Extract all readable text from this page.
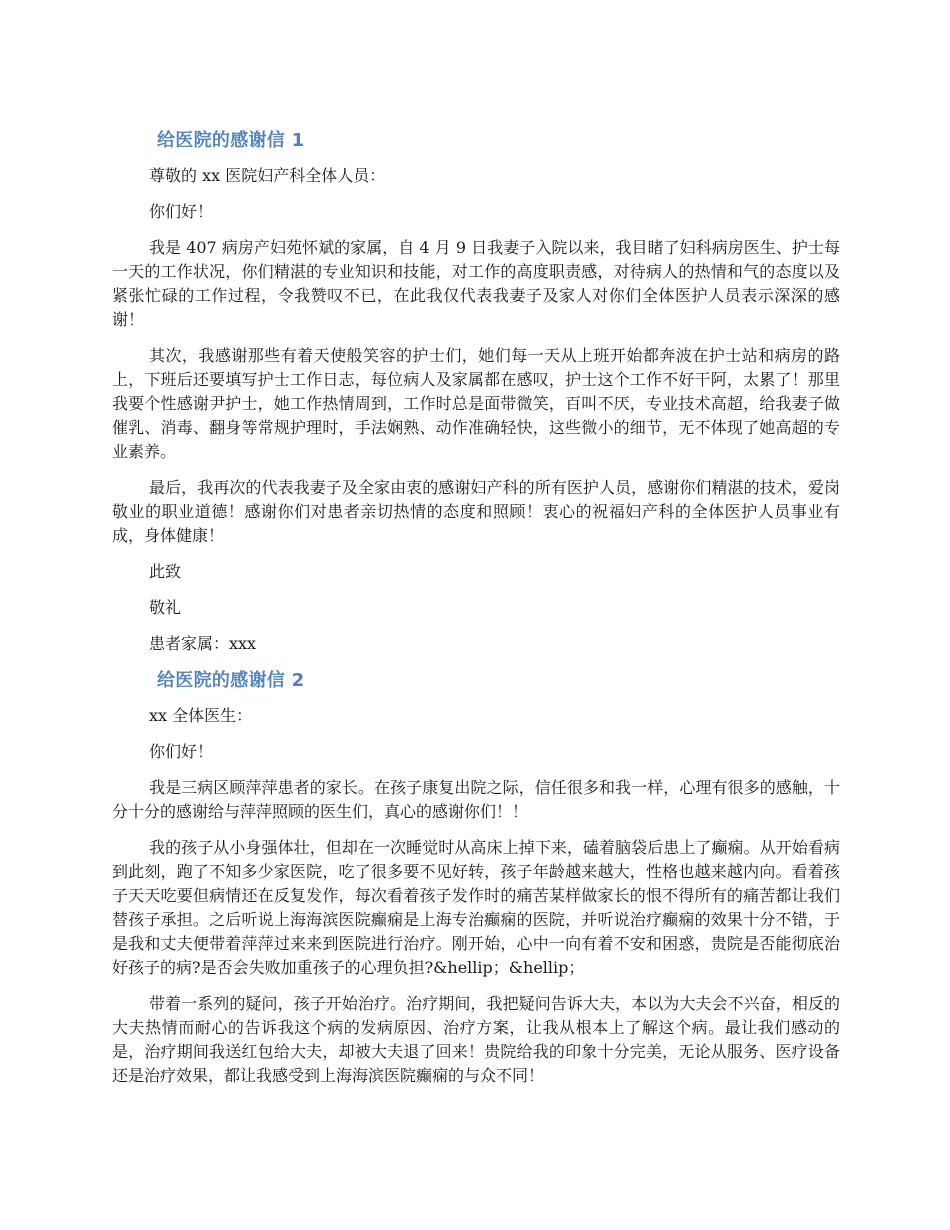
给医院的感谢信 1
尊敬的 xx 医院妇产科全体人员：
你们好！
我是 407 病房产妇苑怀斌的家属，自 4 月 9 日我妻子入院以来，我目睹了妇科病房医生、护士每一天的工作状况，你们精湛的专业知识和技能，对工作的高度职责感，对待病人的热情和气的态度以及紧张忙碌的工作过程，令我赞叹不已，在此我仅代表我妻子及家人对你们全体医护人员表示深深的感谢！
其次，我感谢那些有着天使般笑容的护士们，她们每一天从上班开始都奔波在护士站和病房的路上，下班后还要填写护士工作日志，每位病人及家属都在感叹，护士这个工作不好干阿，太累了！那里我要个性感谢尹护士，她工作热情周到，工作时总是面带微笑，百叫不厌，专业技术高超，给我妻子做催乳、消毒、翻身等常规护理时，手法娴熟、动作准确轻快，这些微小的细节，无不体现了她高超的专业素养。
最后，我再次的代表我妻子及全家由衷的感谢妇产科的所有医护人员，感谢你们精湛的技术，爱岗敬业的职业道德！感谢你们对患者亲切热情的态度和照顾！衷心的祝福妇产科的全体医护人员事业有成，身体健康！
此致
敬礼
患者家属：xxx
给医院的感谢信 2
xx 全体医生：
你们好！
我是三病区顾萍萍患者的家长。在孩子康复出院之际，信任很多和我一样，心理有很多的感触，十分十分的感谢给与萍萍照顾的医生们，真心的感谢你们！！
我的孩子从小身强体壮，但却在一次睡觉时从高床上掉下来，磕着脑袋后患上了癫痫。从开始看病到此刻，跑了不知多少家医院，吃了很多要不见好转，孩子年龄越来越大，性格也越来越内向。看着孩子天天吃要但病情还在反复发作，每次看着孩子发作时的痛苦某样做家长的恨不得所有的痛苦都让我们替孩子承担。之后听说上海海滨医院癫痫是上海专治癫痫的医院，并听说治疗癫痫的效果十分不错，于是我和丈夫便带着萍萍过来来到医院进行治疗。刚开始，心中一向有着不安和困惑，贵院是否能彻底治好孩子的病?是否会失败加重孩子的心理负担?&hellip；&hellip；
带着一系列的疑问，孩子开始治疗。治疗期间，我把疑问告诉大夫，本以为大夫会不兴奋，相反的大夫热情而耐心的告诉我这个病的发病原因、治疗方案，让我从根本上了解这个病。最让我们感动的是，治疗期间我送红包给大夫，却被大夫退了回来！贵院给我的印象十分完美，无论从服务、医疗设备还是治疗效果，都让我感受到上海海滨医院癫痫的与众不同！
